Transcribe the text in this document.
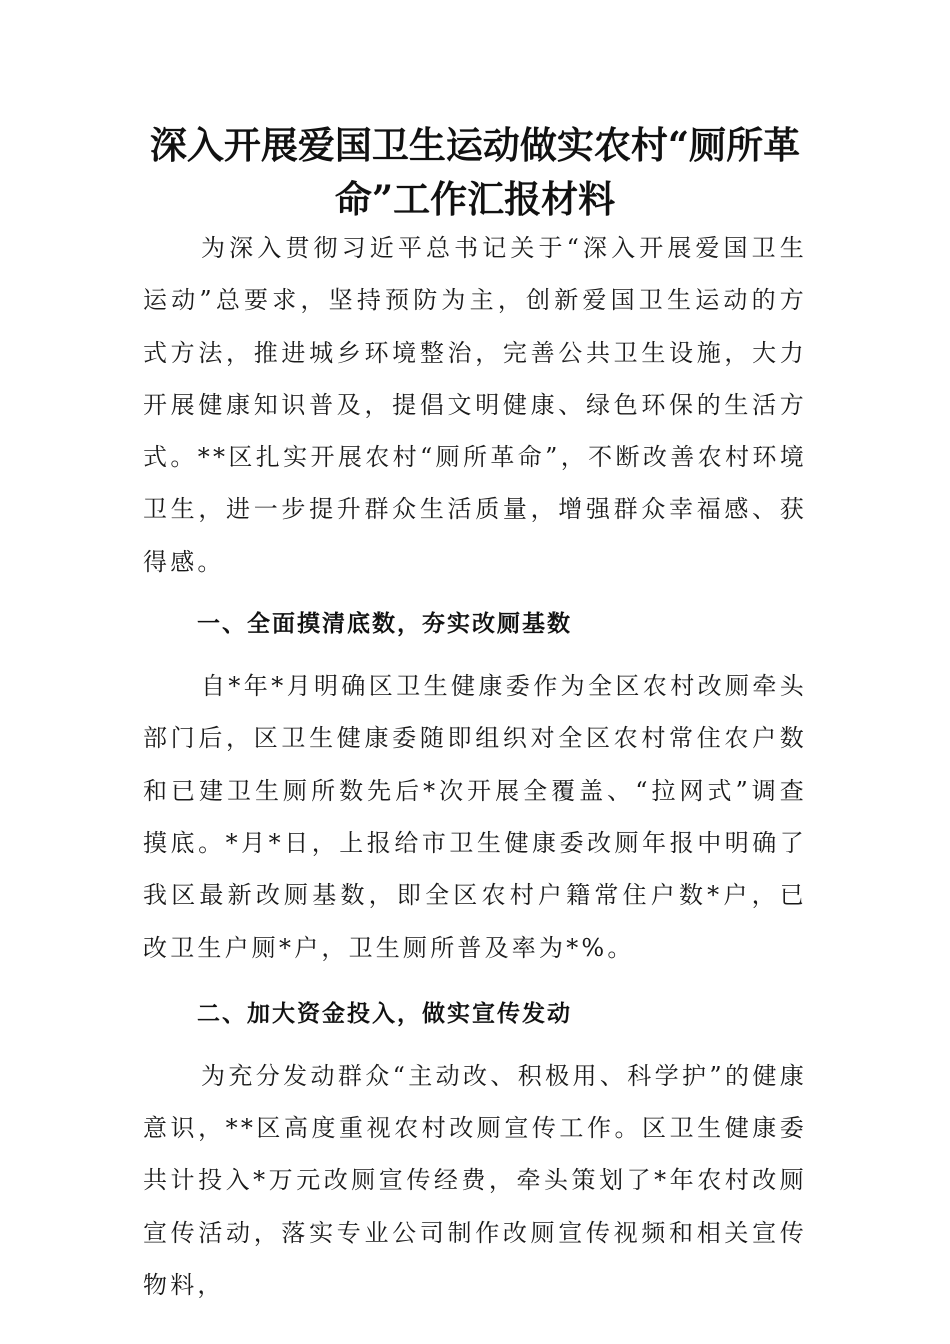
深入开展爱国卫生运动做实农村“厕所革命”工作汇报材料

为深入贯彻习近平总书记关于“深入开展爱国卫生运动”总要求，坚持预防为主，创新爱国卫生运动的方式方法，推进城乡环境整治，完善公共卫生设施，大力开展健康知识普及，提倡文明健康、绿色环保的生活方式。**区扎实开展农村“厕所革命”，不断改善农村环境卫生，进一步提升群众生活质量，增强群众幸福感、获得感。

一、全面摸清底数，夯实改厕基数

自*年*月明确区卫生健康委作为全区农村改厕牵头部门后，区卫生健康委随即组织对全区农村常住农户数和已建卫生厕所数先后*次开展全覆盖、“拉网式”调查摸底。*月*日，上报给市卫生健康委改厕年报中明确了我区最新改厕基数，即全区农村户籍常住户数*户，已改卫生户厕*户，卫生厕所普及率为*%。

二、加大资金投入，做实宣传发动

为充分发动群众“主动改、积极用、科学护”的健康意识，**区高度重视农村改厕宣传工作。区卫生健康委共计投入*万元改厕宣传经费，牵头策划了*年农村改厕宣传活动，落实专业公司制作改厕宣传视频和相关宣传物料，
